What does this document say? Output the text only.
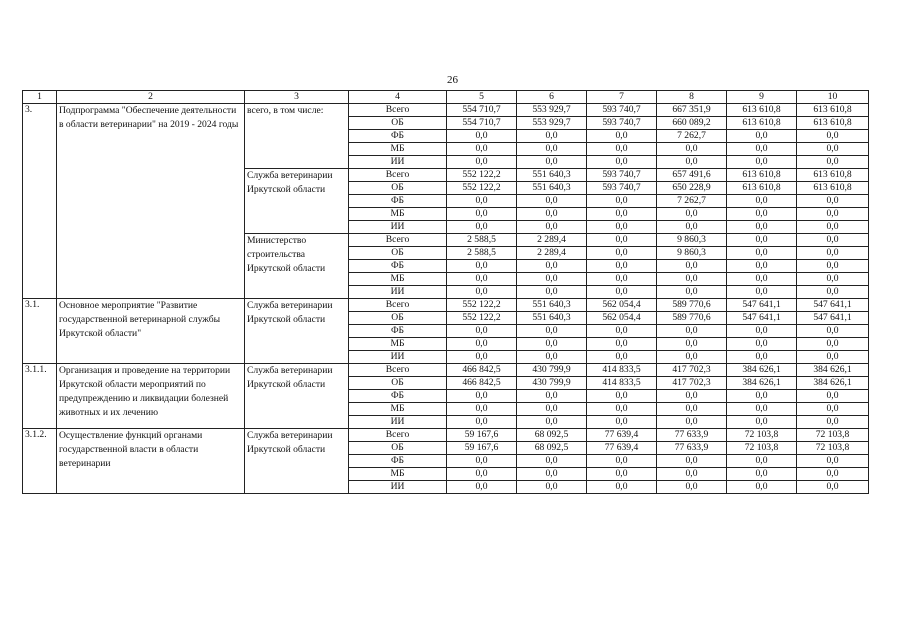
26
1	2	3	4	5	6	7	8	9	10
3.	Подпрограмма "Обеспечение деятельности в области ветеринарии" на 2019 - 2024 годы	всего, в том числе:	Всего	554 710,7	553 929,7	593 740,7	667 351,9	613 610,8	613 610,8
			ОБ	554 710,7	553 929,7	593 740,7	660 089,2	613 610,8	613 610,8
			ФБ	0,0	0,0	0,0	7 262,7	0,0	0,0
			МБ	0,0	0,0	0,0	0,0	0,0	0,0
			ИИ	0,0	0,0	0,0	0,0	0,0	0,0
		Служба ветеринарии Иркутской области	Всего	552 122,2	551 640,3	593 740,7	657 491,6	613 610,8	613 610,8
			ОБ	552 122,2	551 640,3	593 740,7	650 228,9	613 610,8	613 610,8
			ФБ	0,0	0,0	0,0	7 262,7	0,0	0,0
			МБ	0,0	0,0	0,0	0,0	0,0	0,0
			ИИ	0,0	0,0	0,0	0,0	0,0	0,0
		Министерство строительства Иркутской области	Всего	2 588,5	2 289,4	0,0	9 860,3	0,0	0,0
			ОБ	2 588,5	2 289,4	0,0	9 860,3	0,0	0,0
			ФБ	0,0	0,0	0,0	0,0	0,0	0,0
			МБ	0,0	0,0	0,0	0,0	0,0	0,0
			ИИ	0,0	0,0	0,0	0,0	0,0	0,0
3.1.	Основное мероприятие "Развитие государственной ветеринарной службы Иркутской области"	Служба ветеринарии Иркутской области	Всего	552 122,2	551 640,3	562 054,4	589 770,6	547 641,1	547 641,1
			ОБ	552 122,2	551 640,3	562 054,4	589 770,6	547 641,1	547 641,1
			ФБ	0,0	0,0	0,0	0,0	0,0	0,0
			МБ	0,0	0,0	0,0	0,0	0,0	0,0
			ИИ	0,0	0,0	0,0	0,0	0,0	0,0
3.1.1.	Организация и проведение на территории Иркутской области мероприятий по предупреждению и ликвидации болезней животных и их лечению	Служба ветеринарии Иркутской области	Всего	466 842,5	430 799,9	414 833,5	417 702,3	384 626,1	384 626,1
			ОБ	466 842,5	430 799,9	414 833,5	417 702,3	384 626,1	384 626,1
			ФБ	0,0	0,0	0,0	0,0	0,0	0,0
			МБ	0,0	0,0	0,0	0,0	0,0	0,0
			ИИ	0,0	0,0	0,0	0,0	0,0	0,0
3.1.2.	Осуществление функций органами государственной власти в области ветеринарии	Служба ветеринарии Иркутской области	Всего	59 167,6	68 092,5	77 639,4	77 633,9	72 103,8	72 103,8
			ОБ	59 167,6	68 092,5	77 639,4	77 633,9	72 103,8	72 103,8
			ФБ	0,0	0,0	0,0	0,0	0,0	0,0
			МБ	0,0	0,0	0,0	0,0	0,0	0,0
			ИИ	0,0	0,0	0,0	0,0	0,0	0,0
